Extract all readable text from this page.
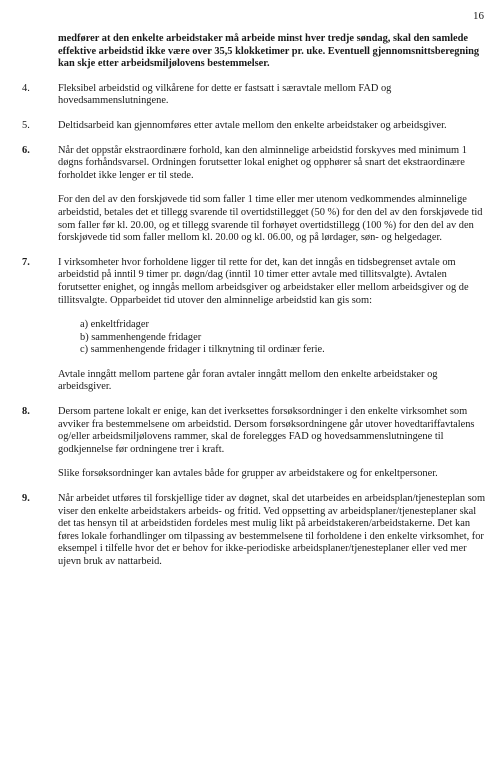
16
medfører at den enkelte arbeidstaker må arbeide minst hver tredje søndag, skal den samlede effektive arbeidstid ikke være over 35,5 klokketimer pr. uke. Eventuell gjennomsnittsberegning kan skje etter arbeidsmiljølovens bestemmelser.
4.	Fleksibel arbeidstid og vilkårene for dette er fastsatt i særavtale mellom FAD og hovedsammenslutningene.

5.	Deltidsarbeid kan gjennomføres etter avtale mellom den enkelte arbeidstaker og arbeidsgiver.

6.	Når det oppstår ekstraordinære forhold, kan den alminnelige arbeidstid forskyves med minimum 1 døgns forhåndsvarsel. Ordningen forutsetter lokal enighet og opphører så snart det ekstraordinære forholdet ikke lenger er til stede.

For den del av den forskjøvede tid som faller 1 time eller mer utenom vedkommendes alminnelige arbeidstid, betales det et tillegg svarende til overtidstillegget (50 %) for den del av den forskjøvede tid som faller før kl. 20.00, og et tillegg svarende til forhøyet overtidstillegg (100 %) for den del av den forskjøvede tid som faller mellom kl. 20.00 og kl. 06.00, og på lørdager, søn- og helgedager.

7.	I virksomheter hvor forholdene ligger til rette for det, kan det inngås en tidsbegrenset avtale om arbeidstid på inntil 9 timer pr. døgn/dag (inntil 10 timer etter avtale med tillitsvalgte). Avtalen forutsetter enighet, og inngås mellom arbeidsgiver og arbeidstaker eller mellom arbeidsgiver og de tillitsvalgte. Opparbeidet tid utover den alminnelige arbeidstid kan gis som:

a) enkeltfridager
b) sammenhengende fridager
c) sammenhengende fridager i tilknytning til ordinær ferie.

Avtale inngått mellom partene går foran avtaler inngått mellom den enkelte arbeidstaker og arbeidsgiver.

8.	Dersom partene lokalt er enige, kan det iverksettes forsøksordninger i den enkelte virksomhet som avviker fra bestemmelsene om arbeidstid. Dersom forsøksordningene går utover hovedtariffavtalens og/eller arbeidsmiljølovens rammer, skal de forelegges FAD og hovedsammenslutningene til godkjennelse før ordningene trer i kraft.

Slike forsøksordninger kan avtales både for grupper av arbeidstakere og for enkeltpersoner.

9.	Når arbeidet utføres til forskjellige tider av døgnet, skal det utarbeides en arbeidsplan/tjenesteplan som viser den enkelte arbeidstakers arbeids- og fritid. Ved oppsetting av arbeidsplaner/tjenesteplaner skal det tas hensyn til at arbeidstiden fordeles mest mulig likt på arbeidstakeren/arbeidstakerne. Det kan føres lokale forhandlinger om tilpassing av bestemmelsene til forholdene i den enkelte virksomhet, for eksempel i tilfelle hvor det er behov for ikke-periodiske arbeidsplaner/tjenesteplaner eller ved mer ujevn bruk av nattarbeid.
